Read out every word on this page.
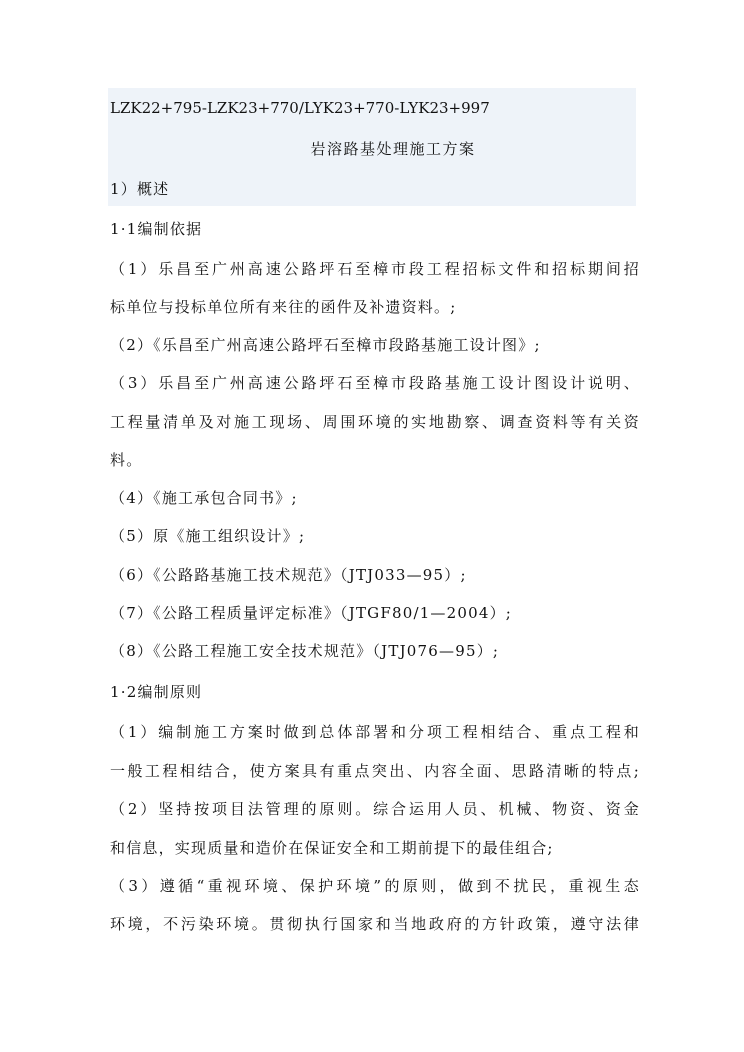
LZK22+795-LZK23+770/LYK23+770-LYK23+997
岩溶路基处理施工方案
1）概述
1·1编制依据
（1）乐昌至广州高速公路坪石至樟市段工程招标文件和招标期间招
标单位与投标单位所有来往的函件及补遗资料。;
（2）《乐昌至广州高速公路坪石至樟市段路基施工设计图》;
（3）乐昌至广州高速公路坪石至樟市段路基施工设计图设计说明、
工程量清单及对施工现场、周围环境的实地勘察、调查资料等有关资
料。
（4）《施工承包合同书》;
（5）原《施工组织设计》;
（6）《公路路基施工技术规范》（JTJ033—95）;
（7）《公路工程质量评定标准》（JTGF80/1—2004）;
（8）《公路工程施工安全技术规范》（JTJ076—95）;
1·2编制原则
（1）编制施工方案时做到总体部署和分项工程相结合、重点工程和
一般工程相结合，使方案具有重点突出、内容全面、思路清晰的特点;
（2）坚持按项目法管理的原则。综合运用人员、机械、物资、资金
和信息，实现质量和造价在保证安全和工期前提下的最佳组合;
（3）遵循“重视环境、保护环境”的原则，做到不扰民，重视生态
环境，不污染环境。贯彻执行国家和当地政府的方针政策，遵守法律
